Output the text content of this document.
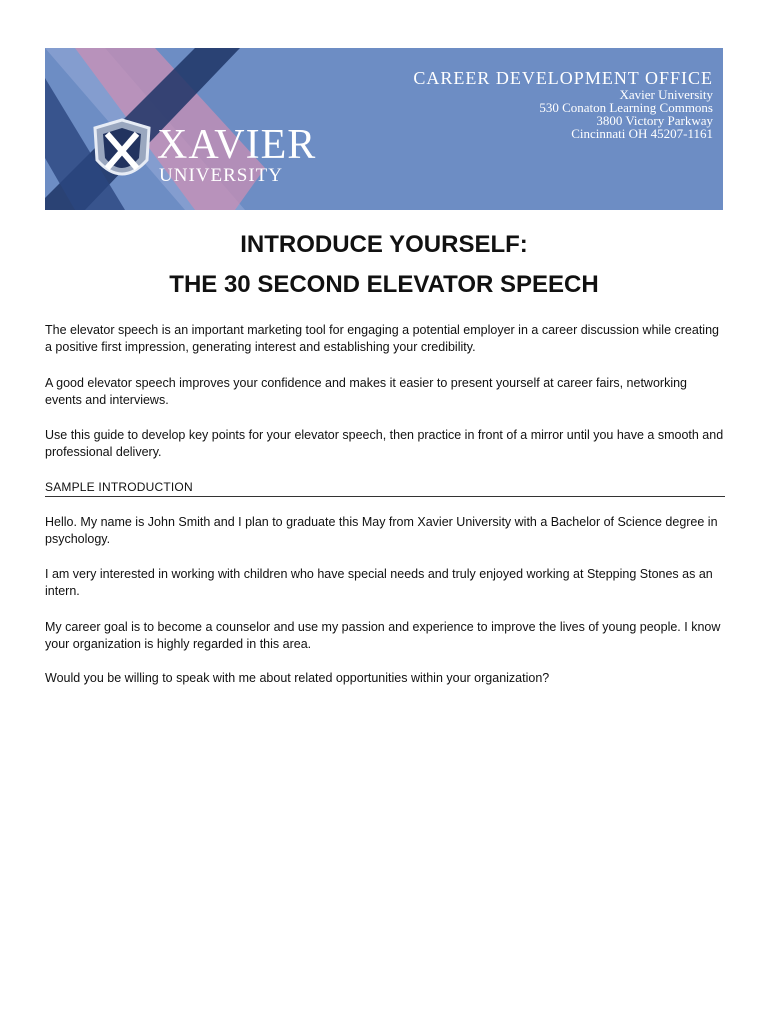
CAREER DEVELOPMENT OFFICE
Xavier University
530 Conaton Learning Commons
3800 Victory Parkway
Cincinnati OH 45207-1161
XAVIER
UNIVERSITY
INTRODUCE YOURSELF:
THE 30 SECOND ELEVATOR SPEECH

The elevator speech is an important marketing tool for engaging a potential employer in a career discussion while creating a positive first impression, generating interest and establishing your credibility.

A good elevator speech improves your confidence and makes it easier to present yourself at career fairs, networking events and interviews.

Use this guide to develop key points for your elevator speech, then practice in front of a mirror until you have a smooth and professional delivery.

SAMPLE INTRODUCTION

Hello. My name is John Smith and I plan to graduate this May from Xavier University with a Bachelor of Science degree in psychology.

I am very interested in working with children who have special needs and truly enjoyed working at Stepping Stones as an intern.

My career goal is to become a counselor and use my passion and experience to improve the lives of young people. I know your organization is highly regarded in this area.

Would you be willing to speak with me about related opportunities within your organization?
